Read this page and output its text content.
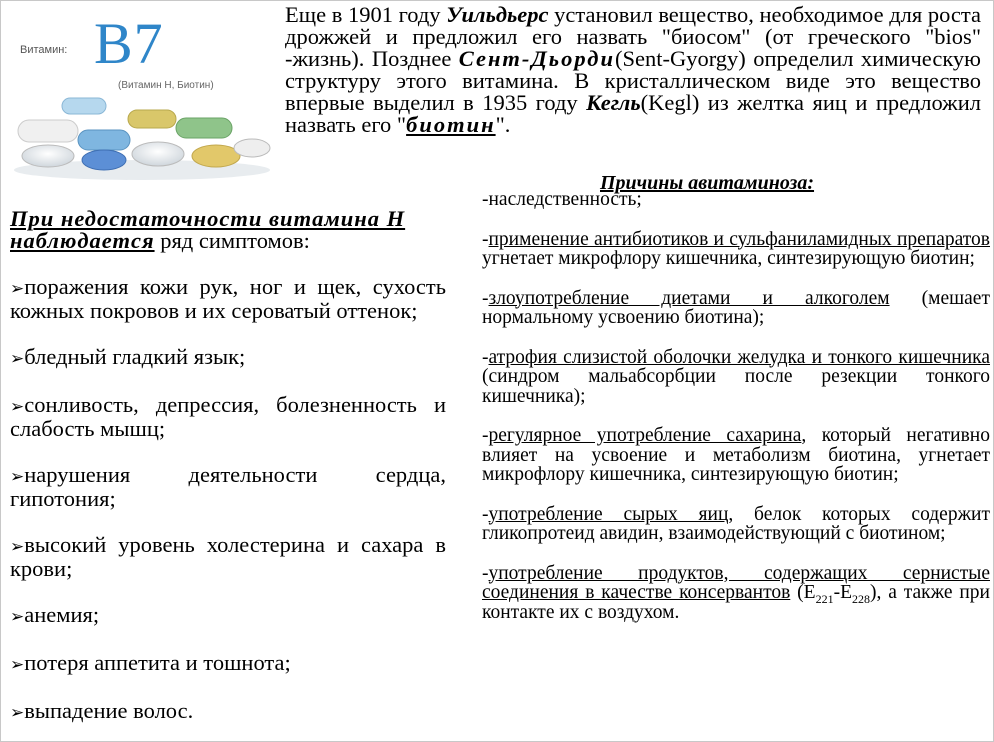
Витамин: B7
(Витамин Н, Биотин)
Еще в 1901 году Уильдьерс установил вещество, необходимое для роста дрожжей и предложил его назвать "биосом" (от греческого "bios" -жизнь). Позднее Сент-Дьорди(Sent-Gyorgy) определил химическую структуру этого витамина. В кристаллическом виде это вещество впервые выделил в 1935 году Кегль(Kegl) из желтка яиц и предложил назвать его "биотин".
Причины авитаминоза:
При недостаточности витамина Н наблюдается ряд симптомов:
➢поражения кожи рук, ног и щек, сухость кожных покровов и их сероватый оттенок;
➢бледный гладкий язык;
➢сонливость, депрессия, болезненность и слабость мышц;
➢нарушения деятельности сердца, гипотония;
➢высокий уровень холестерина и сахара в крови;
➢анемия;
➢потеря аппетита и тошнота;
➢выпадение волос.
-наследственность;
-применение антибиотиков и сульфаниламидных препаратов угнетает микрофлору кишечника, синтезирующую биотин;
-злоупотребление диетами и алкоголем (мешает нормальному усвоению биотина);
-атрофия слизистой оболочки желудка и тонкого кишечника (синдром мальабсорбции после резекции тонкого кишечника);
-регулярное употребление сахарина, который негативно влияет на усвоение и метаболизм биотина, угнетает микрофлору кишечника, синтезирующую биотин;
-употребление сырых яиц, белок которых содержит гликопротеид авидин, взаимодействующий с биотином;
-употребление продуктов, содержащих сернистые соединения в качестве консервантов $(Е_{221}-Е_{228})$, а также при контакте их с воздухом.
